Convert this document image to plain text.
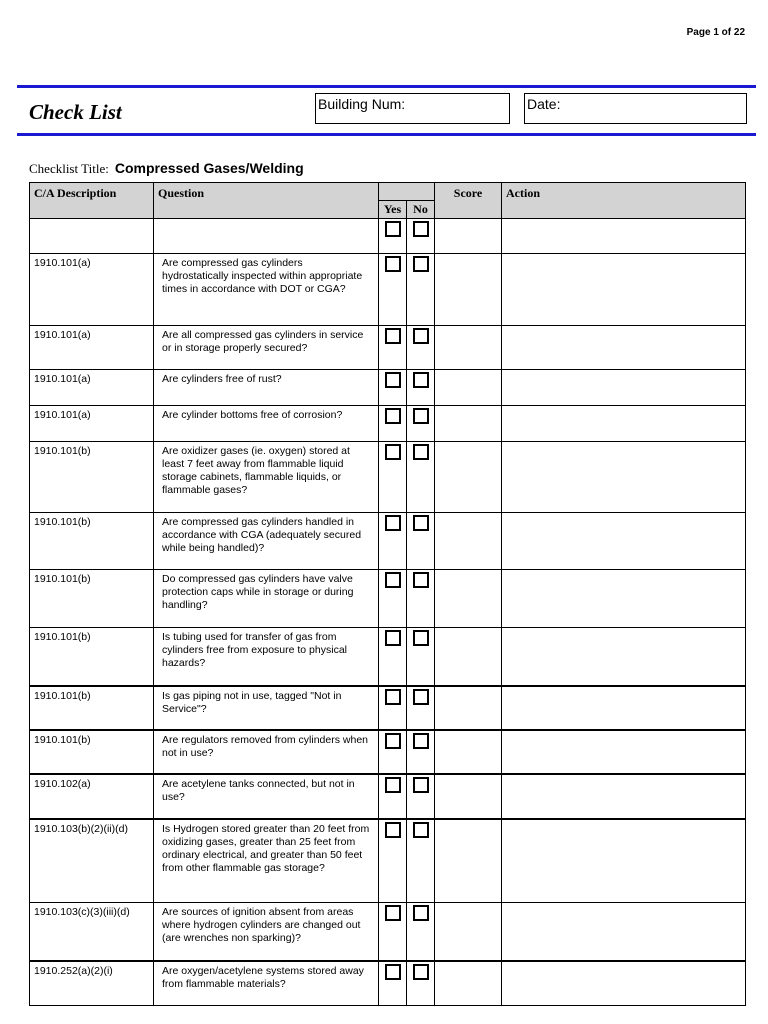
Page 1 of 22
Check List	Building Num:	Date:
Checklist Title: Compressed Gases/Welding
C/A Description	Question			Score	Action
		Yes	No		

1910.101(a)	Are compressed gas cylinders hydrostatically inspected within appropriate times in accordance with DOT or CGA?				
1910.101(a)	Are all compressed gas cylinders in service or in storage properly secured?				
1910.101(a)	Are cylinders free of rust?				
1910.101(a)	Are cylinder bottoms free of corrosion?				
1910.101(b)	Are oxidizer gases (ie. oxygen) stored at least 7 feet away from flammable liquid storage cabinets, flammable liquids, or flammable gases?				
1910.101(b)	Are compressed gas cylinders handled in accordance with CGA (adequately secured while being handled)?				
1910.101(b)	Do compressed gas cylinders have valve protection caps while in storage or during handling?				
1910.101(b)	Is tubing used for transfer of gas from cylinders free from exposure to physical hazards?				
1910.101(b)	Is gas piping not in use, tagged "Not in Service"?				
1910.101(b)	Are regulators removed from cylinders when not in use?				
1910.102(a)	Are acetylene tanks connected, but not in use?				
1910.103(b)(2)(ii)(d)	Is Hydrogen stored greater than 20 feet from oxidizing gases, greater than 25 feet from ordinary electrical, and greater than 50 feet from other flammable gas storage?				
1910.103(c)(3)(iii)(d)	Are sources of ignition absent from areas where hydrogen cylinders are changed out (are wrenches non sparking)?				
1910.252(a)(2)(i)	Are oxygen/acetylene systems stored away from flammable materials?				
